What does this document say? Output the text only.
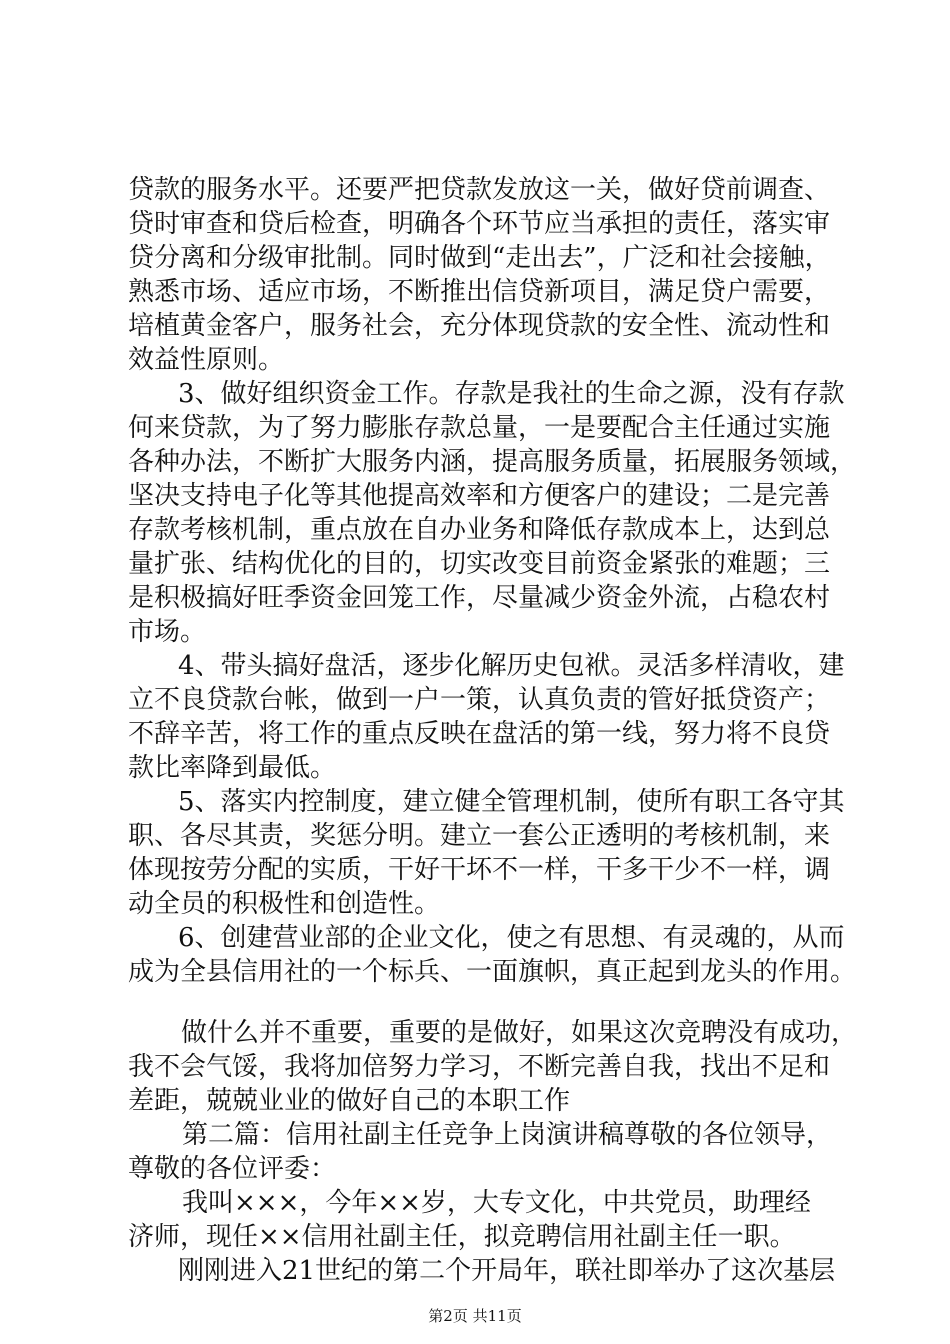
贷款的服务水平。还要严把贷款发放这一关，做好贷前调查、
贷时审查和贷后检查，明确各个环节应当承担的责任，落实审
贷分离和分级审批制。同时做到“走出去”，广泛和社会接触，
熟悉市场、适应市场，不断推出信贷新项目，满足贷户需要，
培植黄金客户，服务社会，充分体现贷款的安全性、流动性和
效益性原则。
3、做好组织资金工作。存款是我社的生命之源，没有存款
何来贷款，为了努力膨胀存款总量，一是要配合主任通过实施
各种办法，不断扩大服务内涵，提高服务质量，拓展服务领域，
坚决支持电子化等其他提高效率和方便客户的建设；二是完善
存款考核机制，重点放在自办业务和降低存款成本上，达到总
量扩张、结构优化的目的，切实改变目前资金紧张的难题；三
是积极搞好旺季资金回笼工作，尽量减少资金外流，占稳农村
市场。
4、带头搞好盘活，逐步化解历史包袱。灵活多样清收，建
立不良贷款台帐，做到一户一策，认真负责的管好抵贷资产；
不辞辛苦，将工作的重点反映在盘活的第一线，努力将不良贷
款比率降到最低。
5、落实内控制度，建立健全管理机制，使所有职工各守其
职、各尽其责，奖惩分明。建立一套公正透明的考核机制，来
体现按劳分配的实质，干好干坏不一样，干多干少不一样，调
动全员的积极性和创造性。
6、创建营业部的企业文化，使之有思想、有灵魂的，从而
成为全县信用社的一个标兵、一面旗帜，真正起到龙头的作用。
做什么并不重要，重要的是做好，如果这次竞聘没有成功，
我不会气馁，我将加倍努力学习，不断完善自我，找出不足和
差距，兢兢业业的做好自己的本职工作
第二篇：信用社副主任竞争上岗演讲稿尊敬的各位领导，
尊敬的各位评委：
我叫×××，今年××岁，大专文化，中共党员，助理经
济师，现任××信用社副主任，拟竞聘信用社副主任一职。
刚刚进入21世纪的第二个开局年，联社即举办了这次基层
第2页 共11页
